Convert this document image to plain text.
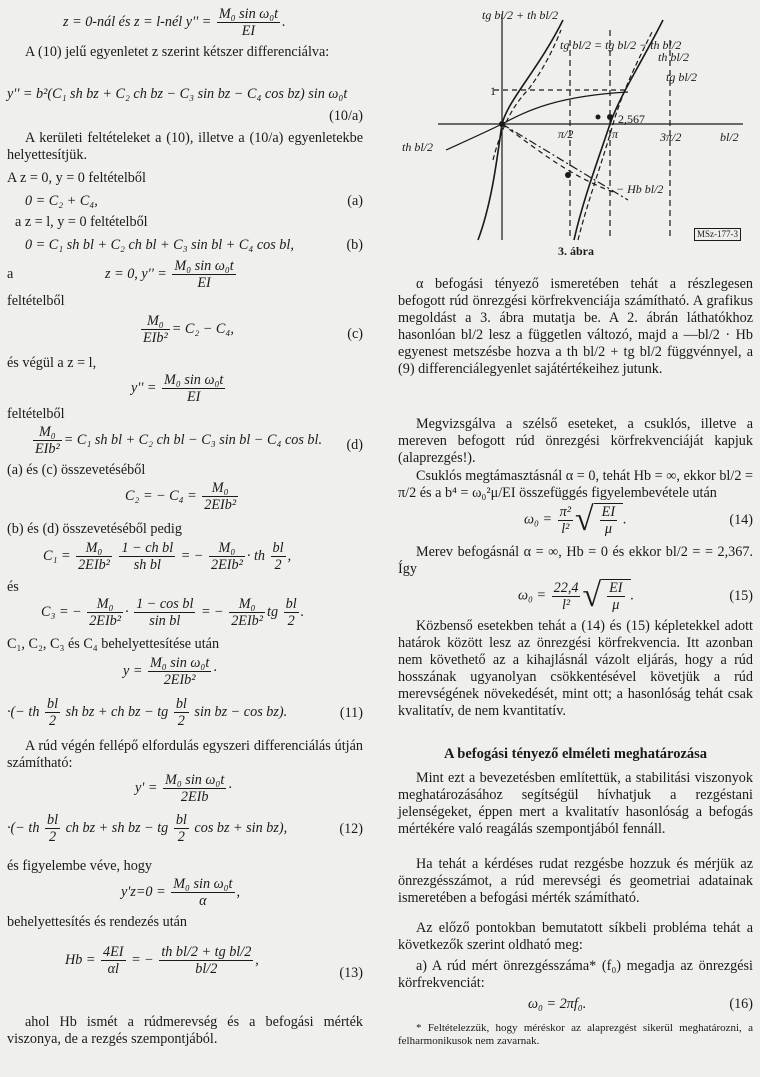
z = 0-nál és z = l-nél $y'' = \frac{\text{M₀ sin ω₀t}}{EI}$ .
A (10) jelű egyenletet z szerint kétszer differenciálva:
y'' = b²(C₁ sh bz + C₂ ch bz − C₃ sin bz − C₄ cos bz) sin ω₀t
(10/a)
A kerületi feltételeket a (10), illetve a (10/a) egyenletekbe helyettesítjük.
A z = 0, y = 0 feltételből
0 = C₂ + C₄,	(a)
a z = l, y = 0 feltételből
0 = C₁ sh bl + C₂ ch bl + C₃ sin bl + C₄ cos bl,	(b)
a	z = 0, $y'' = \frac{\text{M₀ sin ω₀t}}{EI}$
feltételből
$\frac{\text{M₀}}{\text{EIb²}} = C_2 - C_4$,	(c)
és végül a z = l,
$y'' = \frac{\text{M₀ sin ω₀t}}{EI}$
feltételből
$\frac{\text{M₀}}{\text{EIb²}} = C_1$ sh bl + C₂ ch bl − C₃ sin bl − C₄ cos bl. (d)
(a) és (c) összevetéséből
C₂ = − $C_4 = \frac{\text{M₀}}{\text{2EIb²}}$
(b) és (d) összevetéséből pedig
$C_1 = \frac{\text{M₀}}{\text{2EIb²}}$
$\frac{\text{1 − ch bl}}{\text{sh bl}}$ = − $\frac{\text{M₀}}{\text{2EIb²}}$ · th $\frac{bl}{2}$ ,
és
C₃ = − $\frac{\text{M₀}}{\text{2EIb²}} \cdot \frac{\text{1 − cos bl}}{\text{sin bl}}$ = − $\frac{\text{M₀}}{\text{2EIb²}}$ tg $\frac{bl}{2}$ .
C₁, C₂, C₃ és C₄ behelyettesítése után
$y = \frac{\text{M₀ sin ω₀t}}{\text{2EIb²}}$ ·
·(− th $\frac{bl}{2}$ sh bz + ch bz − tg $\frac{bl}{2}$ sin bz − cos bz).	(11)
A rúd végén fellépő elfordulás egyszeri differenciálás útján számítható:
$y' = \frac{\text{M₀ sin ω₀t}}{\text{2EIb}}$ ·
·(− th $\frac{bl}{2}$ ch bz + sh bz − tg $\frac{bl}{2}$ cos bz + sin bz),	(12)
és figyelembe véve, hogy
$y'z=0 = \frac{\text{M₀ sin ω₀t}}{\alpha}$ ,
behelyettesítés és rendezés után
$Hb = \frac{4EI}{\alpha l}$ = − $\frac{\text{th bl/2 + tg bl/2}}{bl/2}$ ,
(13)
ahol Hb ismét a rúdmerevség és a befogási mérték viszonya, de a rezgés szempontjából.
tg bl/2 + th bl/2
tg bl/2 = tg bl/2 − th bl/2
th bl/2
tg bl/2
1
2,567
π/2	π	3π/2	bl/2
th bl/2
− Hb bl/2
MSz-177-3
3. ábra
α befogási tényező ismeretében tehát a részlegesen befogott rúd önrezgési körfrekvenciája számítható. A grafikus megoldást a 3. ábra mutatja be. A 2. ábrán láthatókhoz hasonlóan bl/2 lesz a független változó, majd a —bl/2 · Hb egyenest metszésbe hozva a th bl/2 + tg bl/2 függvénnyel, a (9) differenciálegyenlet sajátértékeihez jutunk.
Megvizsgálva a szélső eseteket, a csuklós, illetve a mereven befogott rúd önrezgési körfrekvenciáját kapjuk (alaprezgés!).
Csuklós megtámasztásnál α = 0, tehát Hb = ∞, ekkor bl/2 = π/2 és a b⁴ = ω₀²μ/EI összefüggés figyelembevétele után
$\omega_0 = \frac{\text{π²}}{\text{l²}}$ √ $\frac{EI}{\mu}$ .	(14)
Merev befogásnál α = ∞, Hb = 0 és ekkor bl/2 = = 2,367. Így
$\omega_0 = \frac{22,4}{\text{l²}}$ √ $\frac{EI}{\mu}$ .	(15)
Közbenső esetekben tehát a (14) és (15) képletekkel adott határok között lesz az önrezgési körfrekvencia. Itt azonban nem követhető az a kihajlásnál vázolt eljárás, hogy a rúd hosszának ugyanolyan csökkentésével követjük a rúd merevségének növekedését, mint ott; a hasonlóság tehát csak kvalitatív, de nem kvantitatív.
A befogási tényező elméleti meghatározása
Mint ezt a bevezetésben említettük, a stabilitási viszonyok meghatározásához segítségül hívhatjuk a rezgéstani jelenségeket, éppen mert a kvalitatív hasonlóság a befogás mértékére való reagálás szempontjából fennáll.
Ha tehát a kérdéses rudat rezgésbe hozzuk és mérjük az önrezgésszámot, a rúd merevségi és geometriai adatainak ismeretében a befogási mérték számítható.
Az előző pontokban bemutatott síkbeli probléma tehát a következők szerint oldható meg:
a) A rúd mért önrezgésszáma* (f₀) megadja az önrezgési körfrekvenciát:
ω₀ = 2πf₀.	(16)
* Feltételezzük, hogy méréskor az alaprezgést sikerül meghatározni, a felharmonikusok nem zavarnak.
